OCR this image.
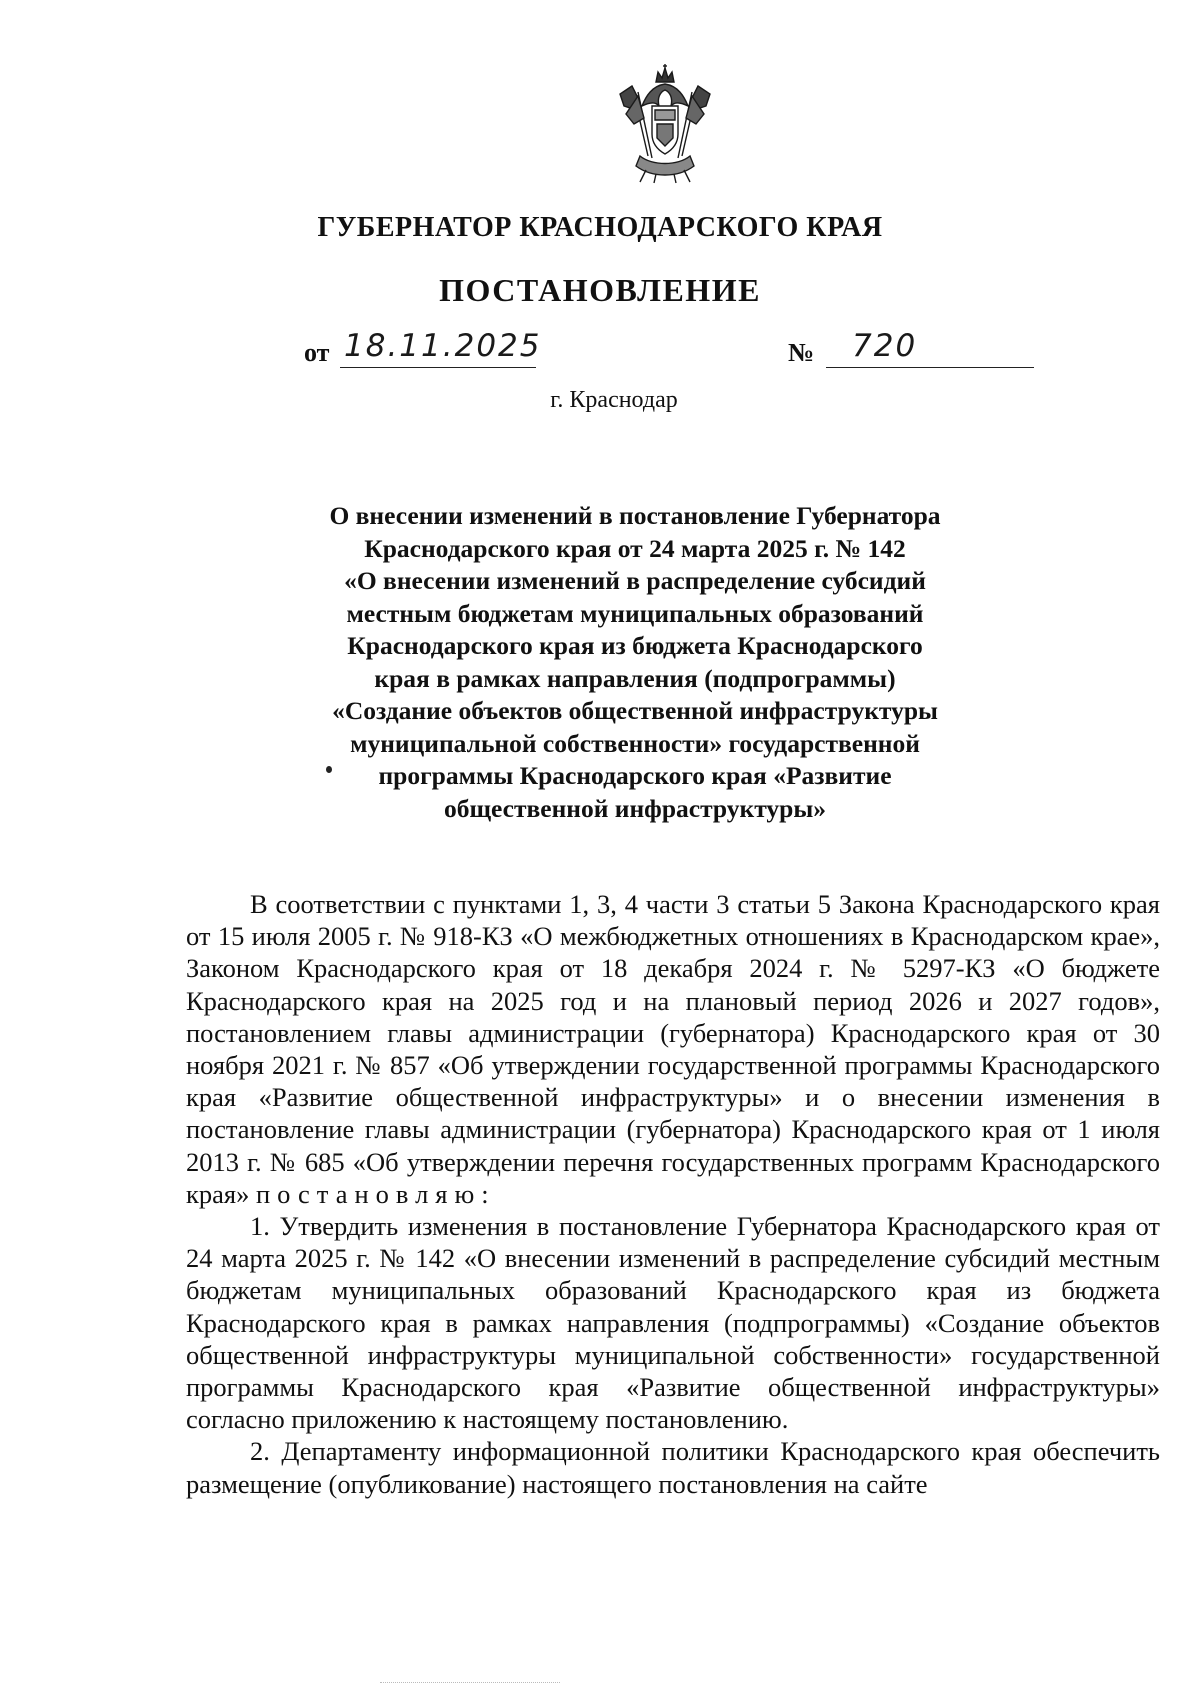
ГУБЕРНАТОР КРАСНОДАРСКОГО КРАЯ
ПОСТАНОВЛЕНИЕ
от 18.11.2025	№ 720
г. Краснодар
О внесении изменений в постановление Губернатора
Краснодарского края от 24 марта 2025 г. № 142
«О внесении изменений в распределение субсидий
местным бюджетам муниципальных образований
Краснодарского края из бюджета Краснодарского
края в рамках направления (подпрограммы)
«Создание объектов общественной инфраструктуры
муниципальной собственности» государственной
программы Краснодарского края «Развитие
общественной инфраструктуры»

В соответствии с пунктами 1, 3, 4 части 3 статьи 5 Закона Краснодарского края от 15 июля 2005 г. № 918-КЗ «О межбюджетных отношениях в Краснодарском крае», Законом Краснодарского края от 18 декабря 2024 г. № 5297-КЗ «О бюджете Краснодарского края на 2025 год и на плановый период 2026 и 2027 годов», постановлением главы администрации (губернатора) Краснодарского края от 30 ноября 2021 г. № 857 «Об утверждении государственной программы Краснодарского края «Развитие общественной инфраструктуры» и о внесении изменения в постановление главы администрации (губернатора) Краснодарского края от 1 июля 2013 г. № 685 «Об утверждении перечня государственных программ Краснодарского края» постановляю:

1. Утвердить изменения в постановление Губернатора Краснодарского края от 24 марта 2025 г. № 142 «О внесении изменений в распределение субсидий местным бюджетам муниципальных образований Краснодарского края из бюджета Краснодарского края в рамках направления (подпрограммы) «Создание объектов общественной инфраструктуры муниципальной собственности» государственной программы Краснодарского края «Развитие общественной инфраструктуры» согласно приложению к настоящему постановлению.

2. Департаменту информационной политики Краснодарского края обеспечить размещение (опубликование) настоящего постановления на сайте
